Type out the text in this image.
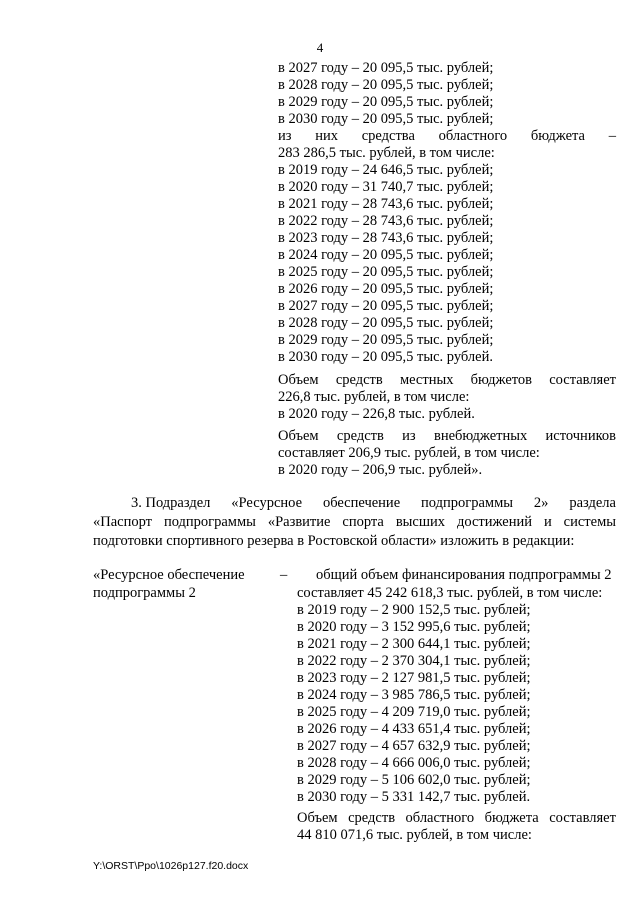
4
в 2027 году – 20 095,5 тыс. рублей;
в 2028 году – 20 095,5 тыс. рублей;
в 2029 году – 20 095,5 тыс. рублей;
в 2030 году – 20 095,5 тыс. рублей;
из них средства областного бюджета –
283 286,5 тыс. рублей, в том числе:
в 2019 году – 24 646,5 тыс. рублей;
в 2020 году – 31 740,7 тыс. рублей;
в 2021 году – 28 743,6 тыс. рублей;
в 2022 году – 28 743,6 тыс. рублей;
в 2023 году – 28 743,6 тыс. рублей;
в 2024 году – 20 095,5 тыс. рублей;
в 2025 году – 20 095,5 тыс. рублей;
в 2026 году – 20 095,5 тыс. рублей;
в 2027 году – 20 095,5 тыс. рублей;
в 2028 году – 20 095,5 тыс. рублей;
в 2029 году – 20 095,5 тыс. рублей;
в 2030 году – 20 095,5 тыс. рублей.
Объем средств местных бюджетов составляет
226,8 тыс. рублей, в том числе:
в 2020 году – 226,8 тыс. рублей.
Объем средств из внебюджетных источников
составляет 206,9 тыс. рублей, в том числе:
в 2020 году – 206,9 тыс. рублей».
3. Подраздел «Ресурсное обеспечение подпрограммы 2» раздела
«Паспорт подпрограммы «Развитие спорта высших достижений и системы
подготовки спортивного резерва в Ростовской области» изложить в редакции:
«Ресурсное обеспечение
подпрограммы 2
– общий объем финансирования подпрограммы 2
составляет 45 242 618,3 тыс. рублей, в том числе:
в 2019 году – 2 900 152,5 тыс. рублей;
в 2020 году – 3 152 995,6 тыс. рублей;
в 2021 году – 2 300 644,1 тыс. рублей;
в 2022 году – 2 370 304,1 тыс. рублей;
в 2023 году – 2 127 981,5 тыс. рублей;
в 2024 году – 3 985 786,5 тыс. рублей;
в 2025 году – 4 209 719,0 тыс. рублей;
в 2026 году – 4 433 651,4 тыс. рублей;
в 2027 году – 4 657 632,9 тыс. рублей;
в 2028 году – 4 666 006,0 тыс. рублей;
в 2029 году – 5 106 602,0 тыс. рублей;
в 2030 году – 5 331 142,7 тыс. рублей.
Объем средств областного бюджета составляет
44 810 071,6 тыс. рублей, в том числе:
Y:\ORST\Ppo\1026p127.f20.docx
